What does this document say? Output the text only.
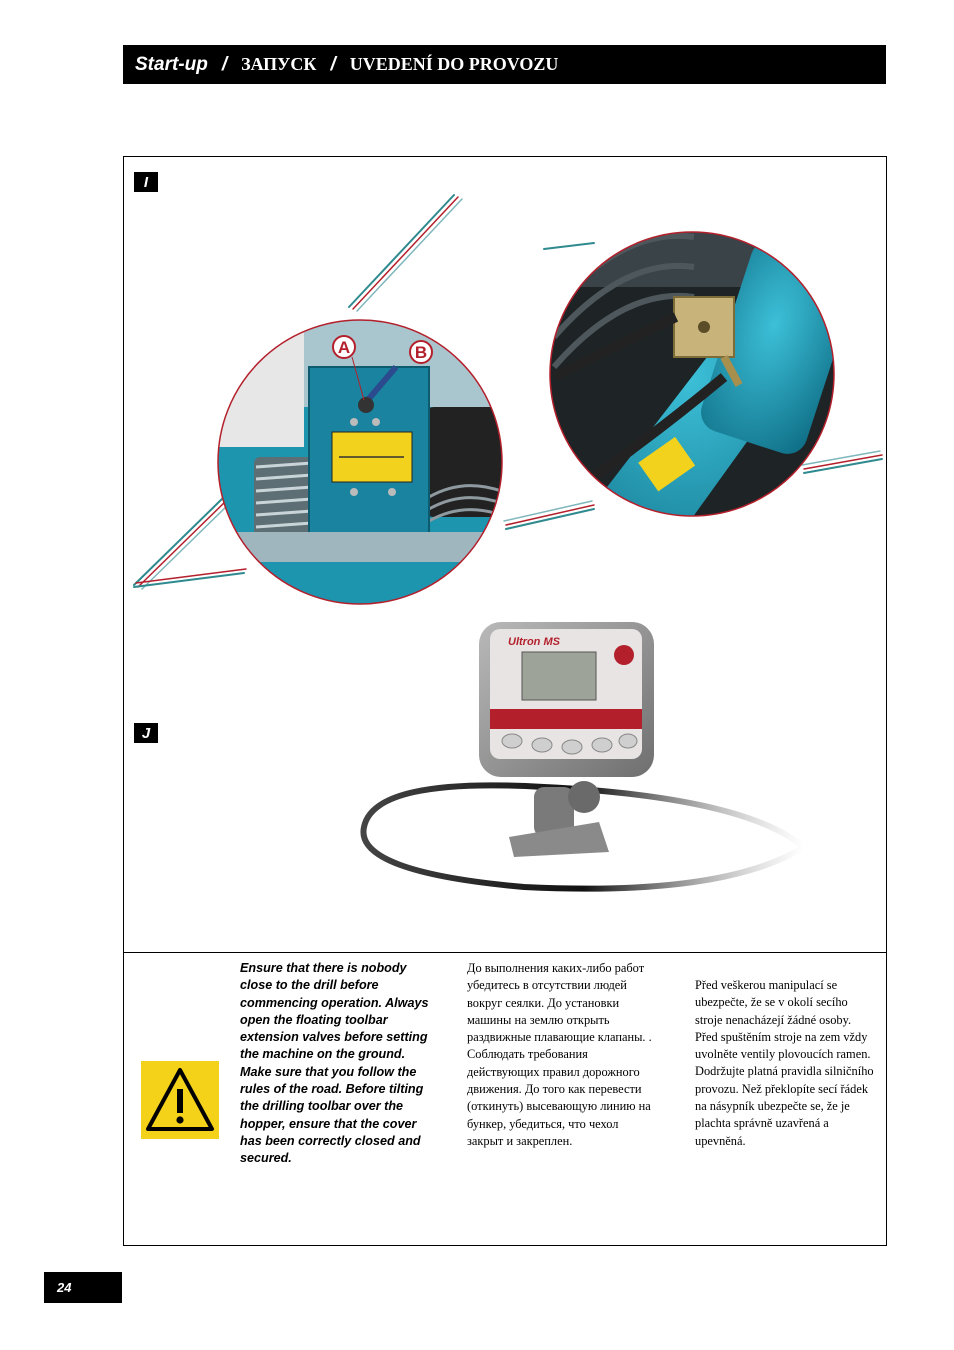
Start-up / ЗАПУСК / UVEDENÍ DO PROVOZU
A	B
Ultron MS
I
J
Ensure that there is nobody close to the drill before commencing operation. Always open the floating toolbar extension valves before setting the machine on the ground. Make sure that you follow the rules of the road. Before tilting the drilling toolbar over the hopper, ensure that the cover has been correctly closed and secured.
До выполнения каких-либо работ убедитесь в отсутствии людей вокруг сеялки. До установки машины на землю открыть раздвижные плавающие клапаны. . Соблюдать требования действующих правил дорожного движения. До того как перевести (откинуть) высевающую линию на бункер, убедиться, что чехол закрыт и закреплен.
Před veškerou manipulací se ubezpečte, že se v okolí secího stroje nenacházejí žádné osoby.
Před spuštěním stroje na zem vždy uvolněte ventily plovoucích ramen. Dodržujte platná pravidla silničního provozu. Než překlopíte secí řádek na násypník ubezpečte se, že je plachta správně uzavřená a upevněná.
24
